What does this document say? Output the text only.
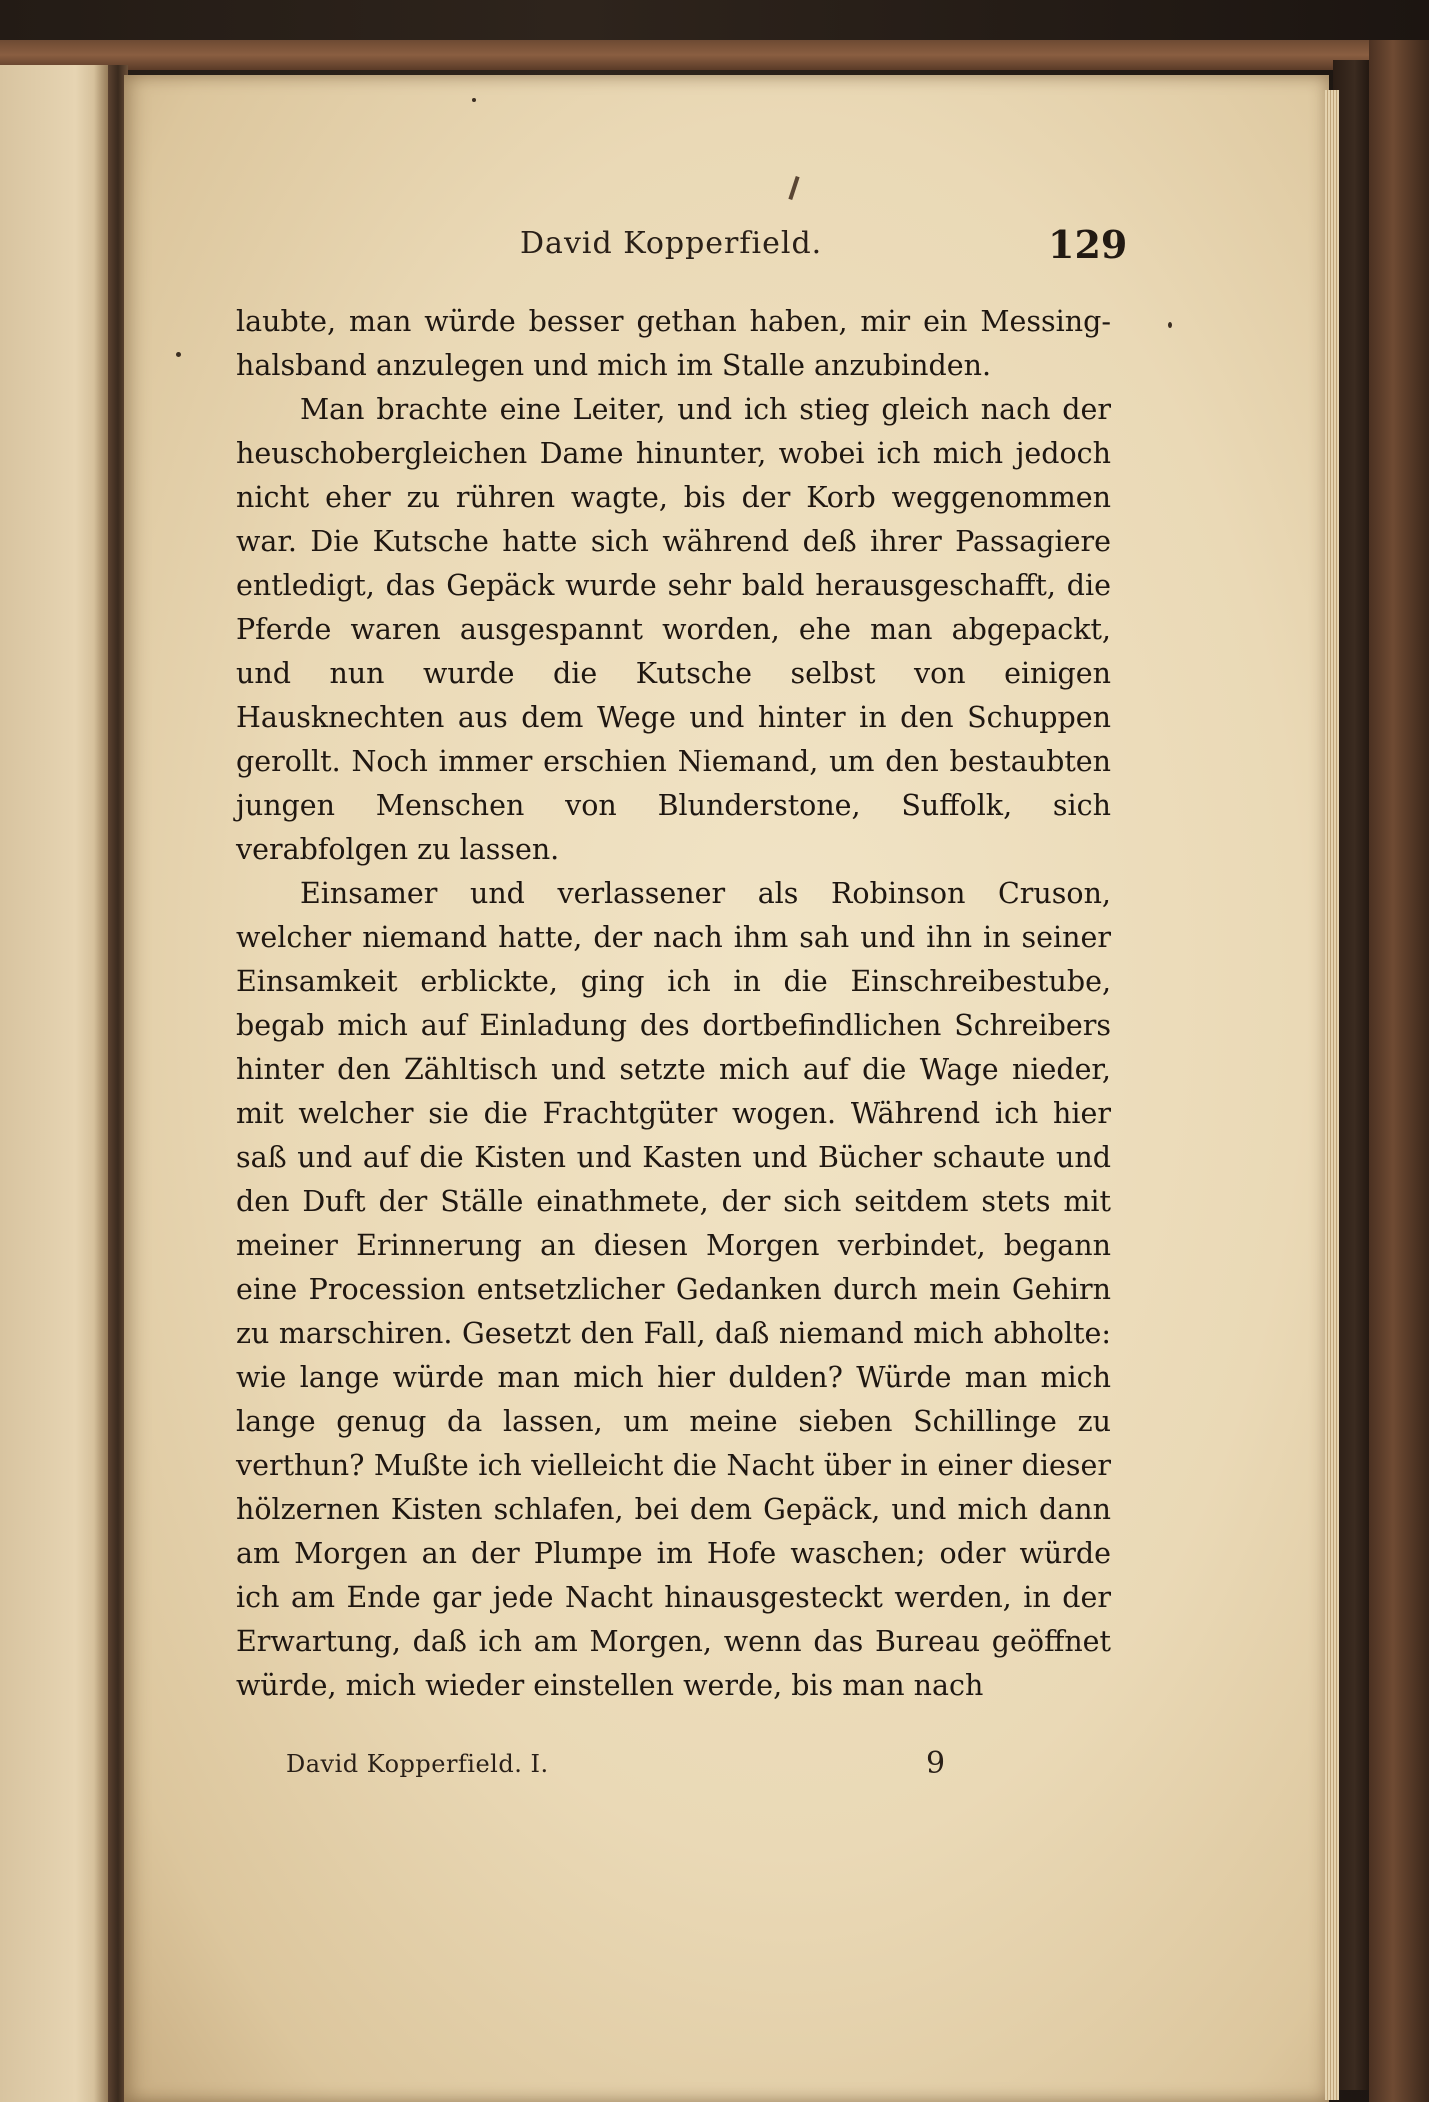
David Kopperfield.	129

laubte, man würde besser gethan haben, mir ein Messing-halsband anzulegen und mich im Stalle anzubinden.

Man brachte eine Leiter, und ich stieg gleich nach der heuschobergleichen Dame hinunter, wobei ich mich jedoch nicht eher zu rühren wagte, bis der Korb weggenommen war. Die Kutsche hatte sich während deß ihrer Passagiere entledigt, das Gepäck wurde sehr bald herausgeschafft, die Pferde waren ausgespannt worden, ehe man abgepackt, und nun wurde die Kutsche selbst von einigen Hausknechten aus dem Wege und hinter in den Schuppen gerollt. Noch immer erschien Niemand, um den bestaubten jungen Menschen von Blunderstone, Suffolk, sich verabfolgen zu lassen.

Einsamer und verlassener als Robinson Cruson, welcher niemand hatte, der nach ihm sah und ihn in seiner Einsamkeit erblickte, ging ich in die Einschreibestube, begab mich auf Einladung des dortbefindlichen Schreibers hinter den Zähltisch und setzte mich auf die Wage nieder, mit welcher sie die Frachtgüter wogen. Während ich hier saß und auf die Kisten und Kasten und Bücher schaute und den Duft der Ställe einathmete, der sich seitdem stets mit meiner Erinnerung an diesen Morgen verbindet, begann eine Procession entsetzlicher Gedanken durch mein Gehirn zu marschiren. Gesetzt den Fall, daß niemand mich abholte: wie lange würde man mich hier dulden? Würde man mich lange genug da lassen, um meine sieben Schillinge zu verthun? Mußte ich vielleicht die Nacht über in einer dieser hölzernen Kisten schlafen, bei dem Gepäck, und mich dann am Morgen an der Plumpe im Hofe waschen; oder würde ich am Ende gar jede Nacht hinausgesteckt werden, in der Erwartung, daß ich am Morgen, wenn das Bureau geöffnet würde, mich wieder einstellen werde, bis man nach

David Kopperfield. I.	9
